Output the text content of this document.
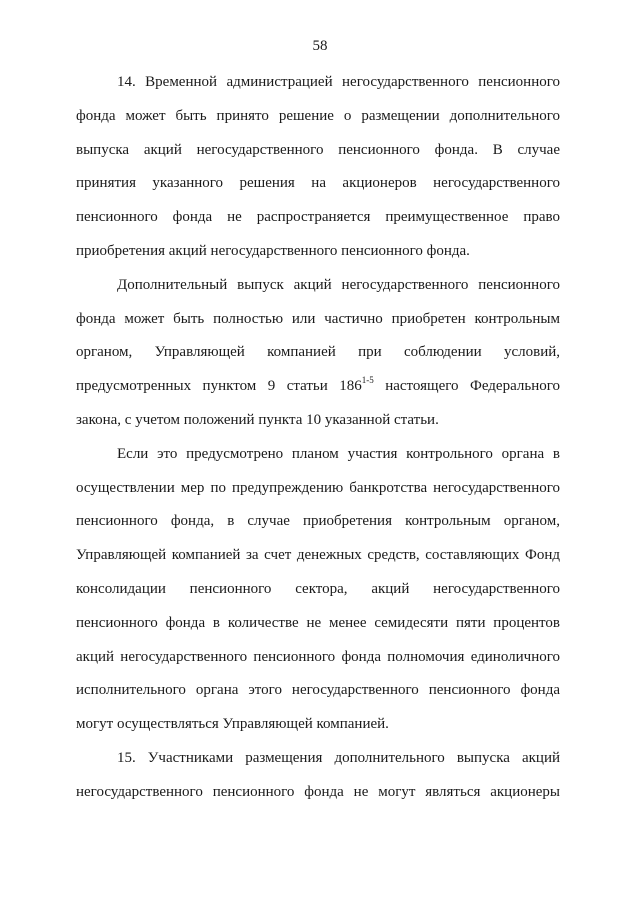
58
14. Временной администрацией негосударственного пенсионного
фонда может быть принято решение о размещении дополнительного
выпуска акций негосударственного пенсионного фонда. В случае
принятия указанного решения на акционеров негосударственного
пенсионного фонда не распространяется преимущественное право
приобретения акций негосударственного пенсионного фонда.
Дополнительный выпуск акций негосударственного пенсионного
фонда может быть полностью или частично приобретен контрольным
органом, Управляющей компанией при соблюдении условий,
предусмотренных пунктом 9 статьи 186$^{1-5}$ настоящего Федерального
закона, с учетом положений пункта 10 указанной статьи.
Если это предусмотрено планом участия контрольного органа в
осуществлении мер по предупреждению банкротства негосударственного
пенсионного фонда, в случае приобретения контрольным органом,
Управляющей компанией за счет денежных средств, составляющих Фонд
консолидации пенсионного сектора, акций негосударственного
пенсионного фонда в количестве не менее семидесяти пяти процентов
акций негосударственного пенсионного фонда полномочия единоличного
исполнительного органа этого негосударственного пенсионного фонда
могут осуществляться Управляющей компанией.
15. Участниками размещения дополнительного выпуска акций
негосударственного пенсионного фонда не могут являться акционеры
